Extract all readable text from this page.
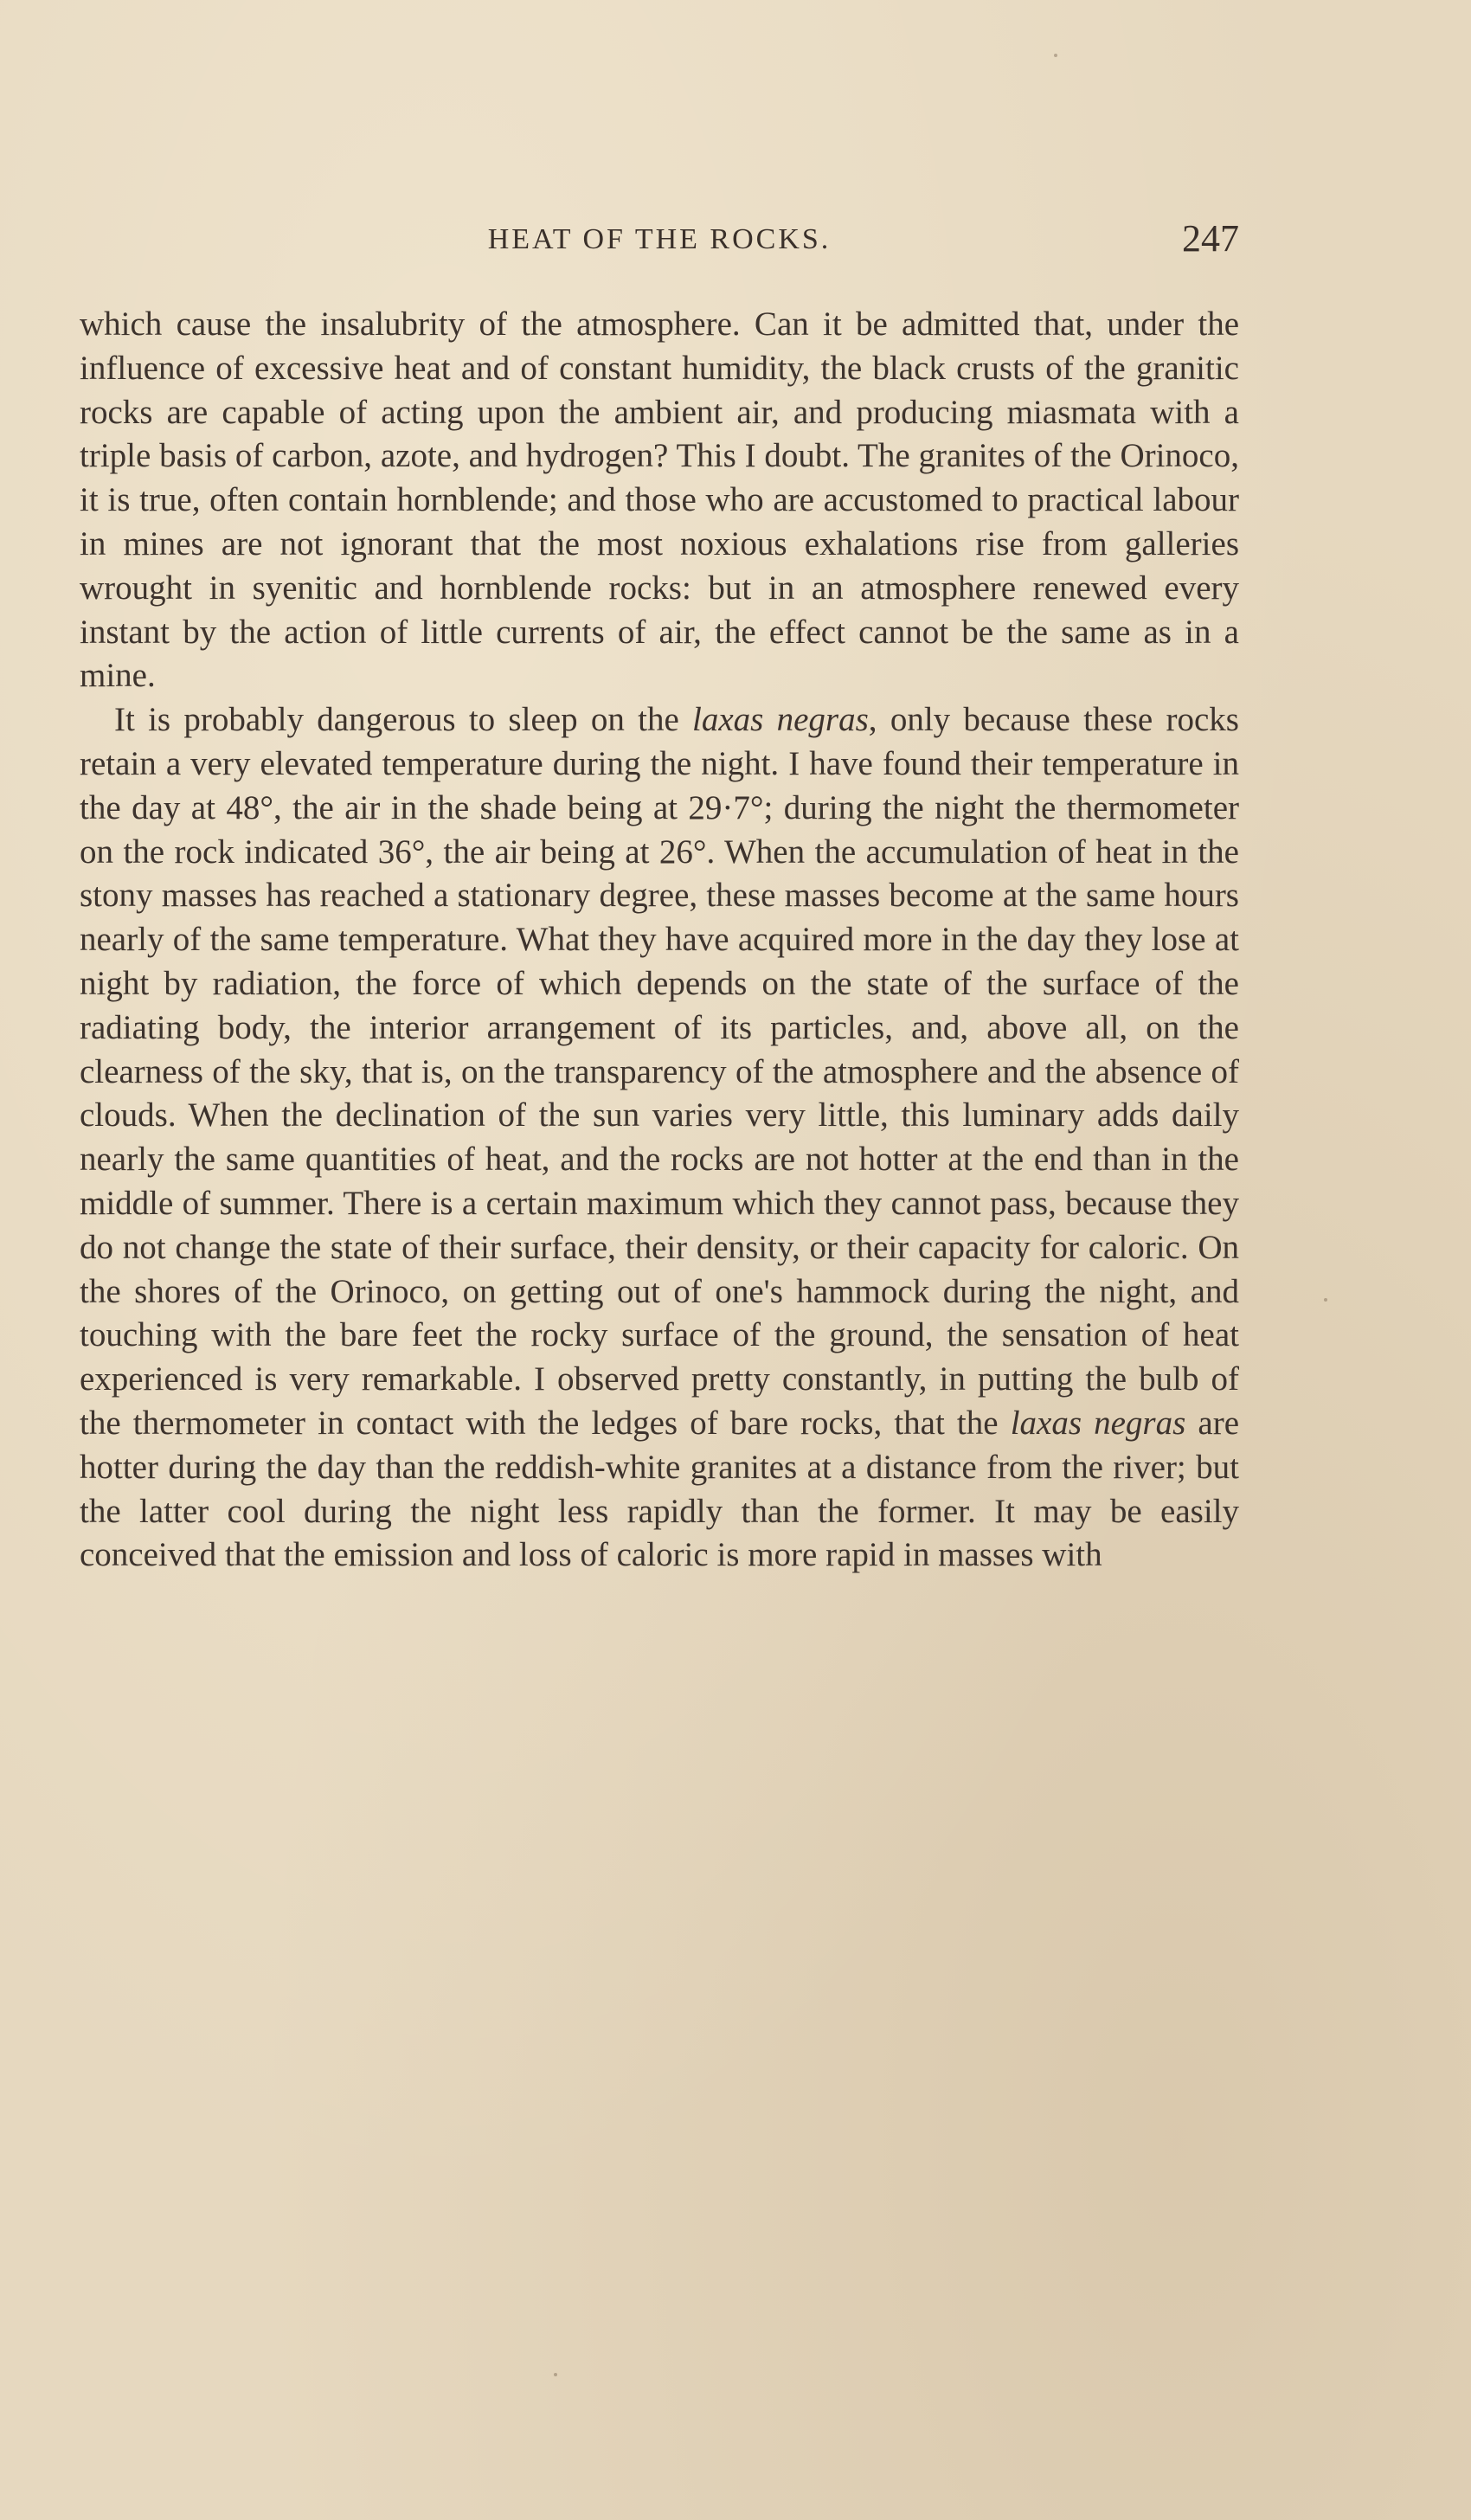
HEAT OF THE ROCKS.	247

which cause the insalubrity of the atmosphere. Can it be admitted that, under the influence of excessive heat and of constant humidity, the black crusts of the granitic rocks are capable of acting upon the ambient air, and producing miasmata with a triple basis of carbon, azote, and hydrogen? This I doubt. The granites of the Orinoco, it is true, often contain hornblende; and those who are accustomed to practical labour in mines are not ignorant that the most noxious exhalations rise from galleries wrought in syenitic and hornblende rocks: but in an atmosphere renewed every instant by the action of little currents of air, the effect cannot be the same as in a mine.

It is probably dangerous to sleep on the laxas negras, only because these rocks retain a very elevated temperature during the night. I have found their temperature in the day at 48°, the air in the shade being at 29·7°; during the night the thermometer on the rock indicated 36°, the air being at 26°. When the accumulation of heat in the stony masses has reached a stationary degree, these masses become at the same hours nearly of the same temperature. What they have acquired more in the day they lose at night by radiation, the force of which depends on the state of the surface of the radiating body, the interior arrangement of its particles, and, above all, on the clearness of the sky, that is, on the transparency of the atmosphere and the absence of clouds. When the declination of the sun varies very little, this luminary adds daily nearly the same quantities of heat, and the rocks are not hotter at the end than in the middle of summer. There is a certain maximum which they cannot pass, because they do not change the state of their surface, their density, or their capacity for caloric. On the shores of the Orinoco, on getting out of one's hammock during the night, and touching with the bare feet the rocky surface of the ground, the sensation of heat experienced is very remarkable. I observed pretty constantly, in putting the bulb of the thermometer in contact with the ledges of bare rocks, that the laxas negras are hotter during the day than the reddish-white granites at a distance from the river; but the latter cool during the night less rapidly than the former. It may be easily conceived that the emission and loss of caloric is more rapid in masses with
